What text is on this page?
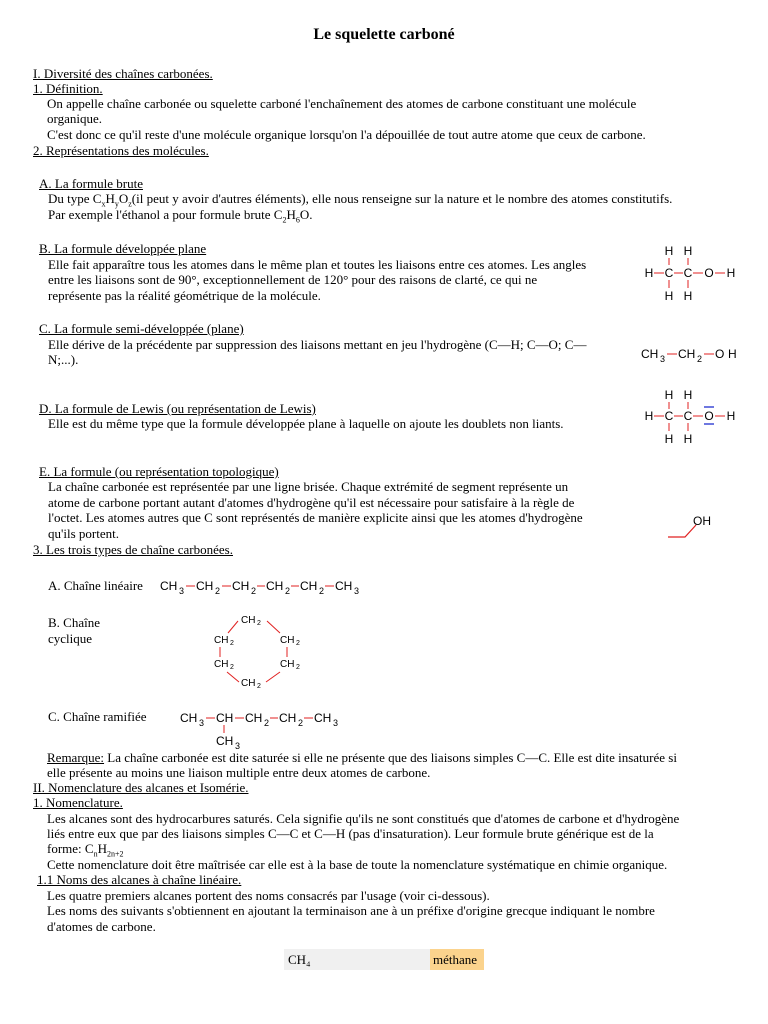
Le squelette carboné
I. Diversité des chaînes carbonées.
1. Définition.
On appelle chaîne carbonée ou squelette carboné l'enchaînement des atomes de carbone constituant une molécule
organique.
C'est donc ce qu'il reste d'une molécule organique lorsqu'on l'a dépouillée de tout autre atome que ceux de carbone.
2. Représentations des molécules.
A. La formule brute
Du type $C_xH_yO_z(il$ peut y avoir d'autres éléments), elle nous renseigne sur la nature et le nombre des atomes constitutifs.
Par exemple l'éthanol a pour formule brute $C_2H_6O$.
B. La formule développée plane
Elle fait apparaître tous les atomes dans le même plan et toutes les liaisons entre ces atomes. Les angles
entre les liaisons sont de 90°, exceptionnellement de 120° pour des raisons de clarté, ce qui ne
représente pas la réalité géométrique de la molécule.
H H
H C C O H
H H
C. La formule semi-développée (plane)
Elle dérive de la précédente par suppression des liaisons mettant en jeu l'hydrogène (C—H; C—O; C—
N;...).	CH 3 CH 2 O H
D. La formule de Lewis (ou représentation de Lewis)
Elle est du même type que la formule développée plane à laquelle on ajoute les doublets non liants.
H H
H C C O H
H H
E. La formule (ou représentation topologique)
La chaîne carbonée est représentée par une ligne brisée. Chaque extrémité de segment représente un
atome de carbone portant autant d'atomes d'hydrogène qu'il est nécessaire pour satisfaire à la règle de
l'octet. Les atomes autres que C sont représentés de manière explicite ainsi que les atomes d'hydrogène
qu'ils portent.
OH
3. Les trois types de chaîne carbonées.
A. Chaîne linéaire CH 3 CH 2 CH 2 CH 2 CH 2 CH 3
B. Chaîne
cyclique
CH 2
CH 2	CH 2
CH 2	CH 2
CH 2
C. Chaîne ramifiée	CH 3 CH CH 2 CH 2 CH 3
CH 3
Remarque: La chaîne carbonée est dite saturée si elle ne présente que des liaisons simples C—C. Elle est dite insaturée si
elle présente au moins une liaison multiple entre deux atomes de carbone.
II. Nomenclature des alcanes et Isomérie.
1. Nomenclature.
Les alcanes sont des hydrocarbures saturés. Cela signifie qu'ils ne sont constitués que d'atomes de carbone et d'hydrogène
liés entre eux que par des liaisons simples C—C et C—H (pas d'insaturation). Leur formule brute générique est de la
forme: $C_nH_{2n+2}$
Cette nomenclature doit être maîtrisée car elle est à la base de toute la nomenclature systématique en chimie organique.
1.1 Noms des alcanes à chaîne linéaire.
Les quatre premiers alcanes portent des noms consacrés par l'usage (voir ci-dessous).
Les noms des suivants s'obtiennent en ajoutant la terminaison ane à un préfixe d'origine grecque indiquant le nombre
d'atomes de carbone.
CH₄	méthane
